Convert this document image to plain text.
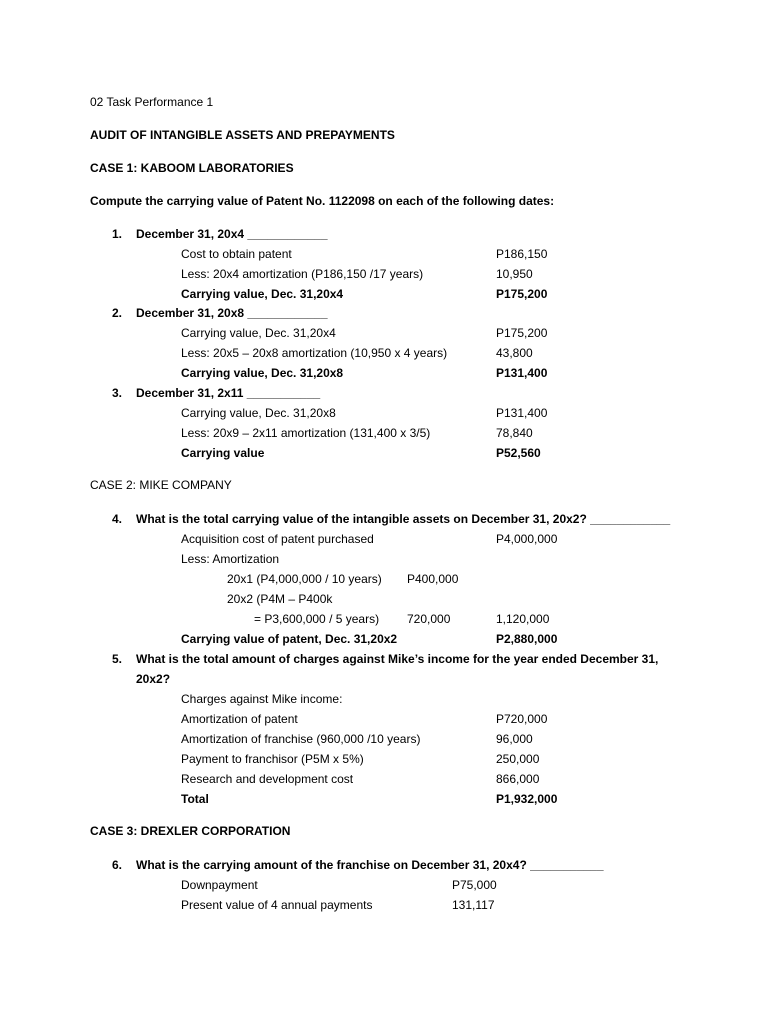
02 Task Performance 1
AUDIT OF INTANGIBLE ASSETS AND PREPAYMENTS
CASE 1: KABOOM LABORATORIES
Compute the carrying value of Patent No. 1122098 on each of the following dates:
1. December 31, 20x4 ____________
Cost to obtain patent	P186,150
Less: 20x4 amortization (P186,150 /17 years)	10,950
Carrying value, Dec. 31,20x4	P175,200
2. December 31, 20x8 ____________
Carrying value, Dec. 31,20x4	P175,200
Less: 20x5 – 20x8 amortization (10,950 x 4 years)	43,800
Carrying value, Dec. 31,20x8	P131,400
3. December 31, 2x11 ___________
Carrying value, Dec. 31,20x8	P131,400
Less: 20x9 – 2x11 amortization (131,400 x 3/5)	78,840
Carrying value	P52,560
CASE 2: MIKE COMPANY
4. What is the total carrying value of the intangible assets on December 31, 20x2? ____________
Acquisition cost of patent purchased	P4,000,000
Less: Amortization
20x1 (P4,000,000 / 10 years) P400,000
20x2 (P4M – P400k
= P3,600,000 / 5 years) 720,000	1,120,000
Carrying value of patent, Dec. 31,20x2	P2,880,000
5. What is the total amount of charges against Mike’s income for the year ended December 31,
20x2?
Charges against Mike income:
Amortization of patent	P720,000
Amortization of franchise (960,000 /10 years)	96,000
Payment to franchisor (P5M x 5%)	250,000
Research and development cost	866,000
Total	P1,932,000
CASE 3: DREXLER CORPORATION
6. What is the carrying amount of the franchise on December 31, 20x4? ___________
Downpayment	P75,000
Present value of 4 annual payments	131,117
